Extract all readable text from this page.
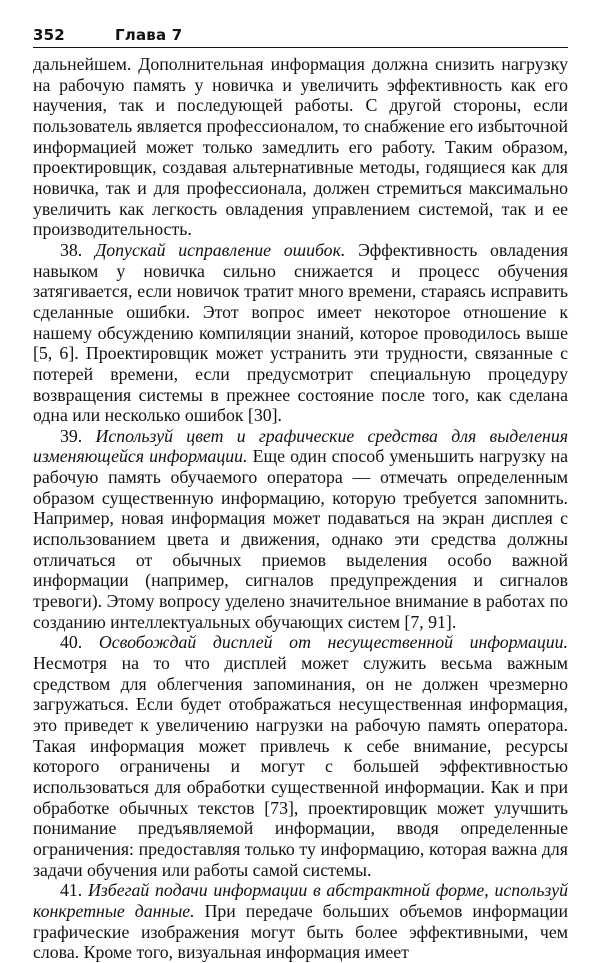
352	Глава 7

дальнейшем. Дополнительная информация должна снизить нагрузку на рабочую память у новичка и увеличить эффективность как его научения, так и последующей работы. С другой стороны, если пользователь является профессионалом, то снабжение его избыточной информацией может только замедлить его работу. Таким образом, проектировщик, создавая альтернативные методы, годящиеся как для новичка, так и для профессионала, должен стремиться максимально увеличить как легкость овладения управлением системой, так и ее производительность.

38. Допускай исправление ошибок. Эффективность овладения навыком у новичка сильно снижается и процесс обучения затягивается, если новичок тратит много времени, стараясь исправить сделанные ошибки. Этот вопрос имеет некоторое отношение к нашему обсуждению компиляции знаний, которое проводилось выше [5, 6]. Проектировщик может устранить эти трудности, связанные с потерей времени, если предусмотрит специальную процедуру возвращения системы в прежнее состояние после того, как сделана одна или несколько ошибок [30].

39. Используй цвет и графические средства для выделения изменяющейся информации. Еще один способ уменьшить нагрузку на рабочую память обучаемого оператора — отмечать определенным образом существенную информацию, которую требуется запомнить. Например, новая информация может подаваться на экран дисплея с использованием цвета и движения, однако эти средства должны отличаться от обычных приемов выделения особо важной информации (например, сигналов предупреждения и сигналов тревоги). Этому вопросу уделено значительное внимание в работах по созданию интеллектуальных обучающих систем [7, 91].

40. Освобождай дисплей от несущественной информации. Несмотря на то что дисплей может служить весьма важным средством для облегчения запоминания, он не должен чрезмерно загружаться. Если будет отображаться несущественная информация, это приведет к увеличению нагрузки на рабочую память оператора. Такая информация может привлечь к себе внимание, ресурсы которого ограничены и могут с большей эффективностью использоваться для обработки существенной информации. Как и при обработке обычных текстов [73], проектировщик может улучшить понимание предъявляемой информации, вводя определенные ограничения: предоставляя только ту информацию, которая важна для задачи обучения или работы самой системы.

41. Избегай подачи информации в абстрактной форме, используй конкретные данные. При передаче больших объемов информации графические изображения могут быть более эффективными, чем слова. Кроме того, визуальная информация имеет
